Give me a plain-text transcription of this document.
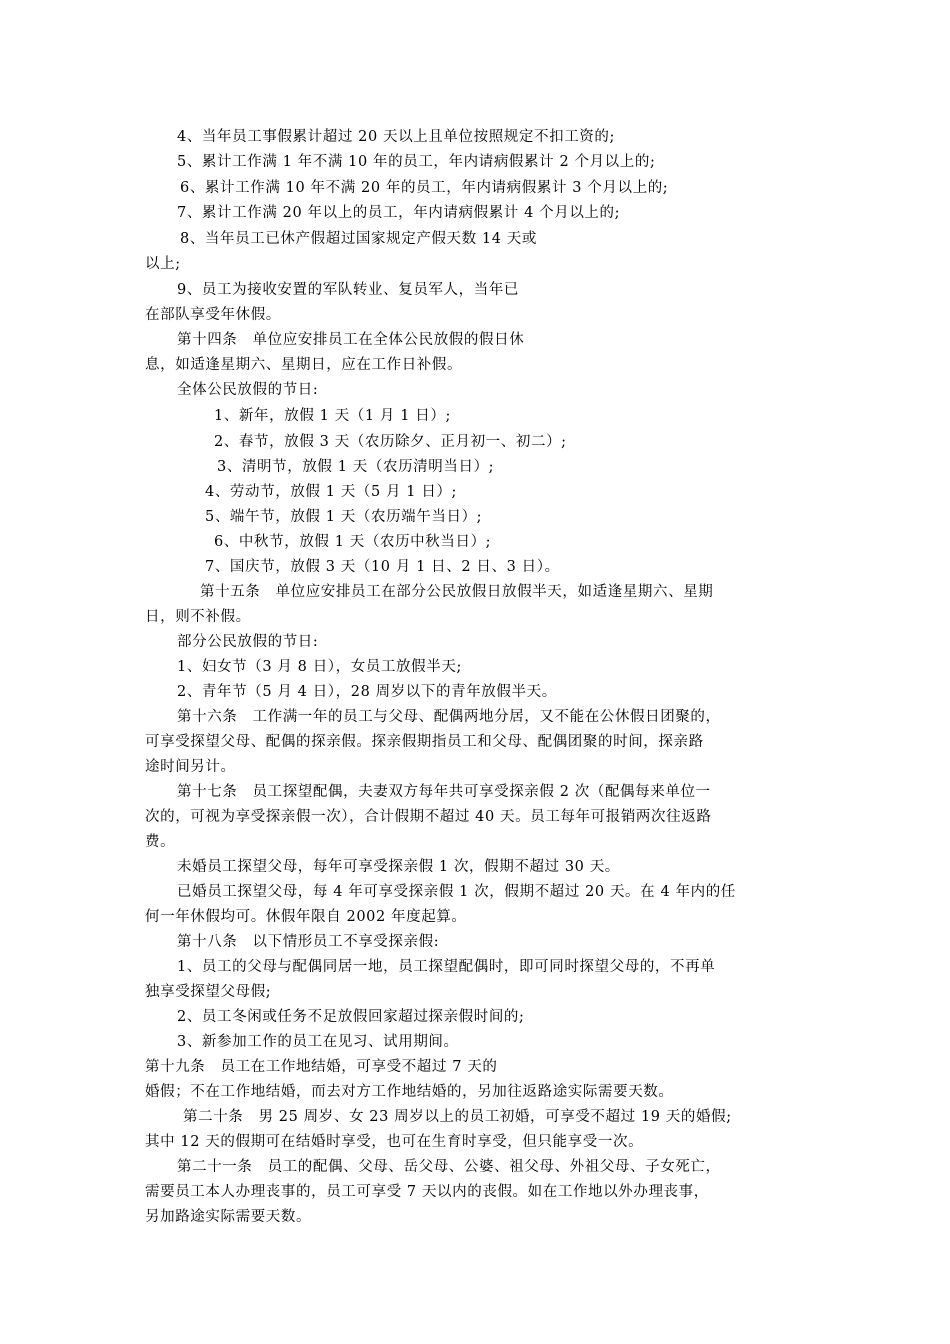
4、当年员工事假累计超过 20 天以上且单位按照规定不扣工资的;
5、累计工作满 1 年不满 10 年的员工，年内请病假累计 2 个月以上的;
6、累计工作满 10 年不满 20 年的员工，年内请病假累计 3 个月以上的;
7、累计工作满 20 年以上的员工，年内请病假累计 4 个月以上的;
8、当年员工已休产假超过国家规定产假天数 14 天或
以上;
9、员工为接收安置的军队转业、复员军人，当年已
在部队享受年休假。
第十四条　单位应安排员工在全体公民放假的假日休
息，如适逢星期六、星期日，应在工作日补假。
全体公民放假的节日:
1、新年，放假 1 天（1 月 1 日）;
2、春节，放假 3 天（农历除夕、正月初一、初二）;
3、清明节，放假 1 天（农历清明当日）;
4、劳动节，放假 1 天（5 月 1 日）;
5、端午节，放假 1 天（农历端午当日）;
6、中秋节，放假 1 天（农历中秋当日）;
7、国庆节，放假 3 天（10 月 1 日、2 日、3 日）。
第十五条　单位应安排员工在部分公民放假日放假半天，如适逢星期六、星期
日，则不补假。
部分公民放假的节日:
1、妇女节（3 月 8 日），女员工放假半天;
2、青年节（5 月 4 日），28 周岁以下的青年放假半天。
第十六条　工作满一年的员工与父母、配偶两地分居，又不能在公休假日团聚的，
可享受探望父母、配偶的探亲假。探亲假期指员工和父母、配偶团聚的时间，探亲路
途时间另计。
第十七条　员工探望配偶，夫妻双方每年共可享受探亲假 2 次（配偶每来单位一
次的，可视为享受探亲假一次），合计假期不超过 40 天。员工每年可报销两次往返路
费。
未婚员工探望父母，每年可享受探亲假 1 次，假期不超过 30 天。
已婚员工探望父母，每 4 年可享受探亲假 1 次，假期不超过 20 天。在 4 年内的任
何一年休假均可。休假年限自 2002 年度起算。
第十八条　以下情形员工不享受探亲假:
1、员工的父母与配偶同居一地，员工探望配偶时，即可同时探望父母的，不再单
独享受探望父母假;
2、员工冬闲或任务不足放假回家超过探亲假时间的;
3、新参加工作的员工在见习、试用期间。
第十九条　员工在工作地结婚，可享受不超过 7 天的
婚假；不在工作地结婚，而去对方工作地结婚的，另加往返路途实际需要天数。
第二十条　男 25 周岁、女 23 周岁以上的员工初婚，可享受不超过 19 天的婚假;
其中 12 天的假期可在结婚时享受，也可在生育时享受，但只能享受一次。
第二十一条　员工的配偶、父母、岳父母、公婆、祖父母、外祖父母、子女死亡，
需要员工本人办理丧事的，员工可享受 7 天以内的丧假。如在工作地以外办理丧事，
另加路途实际需要天数。
